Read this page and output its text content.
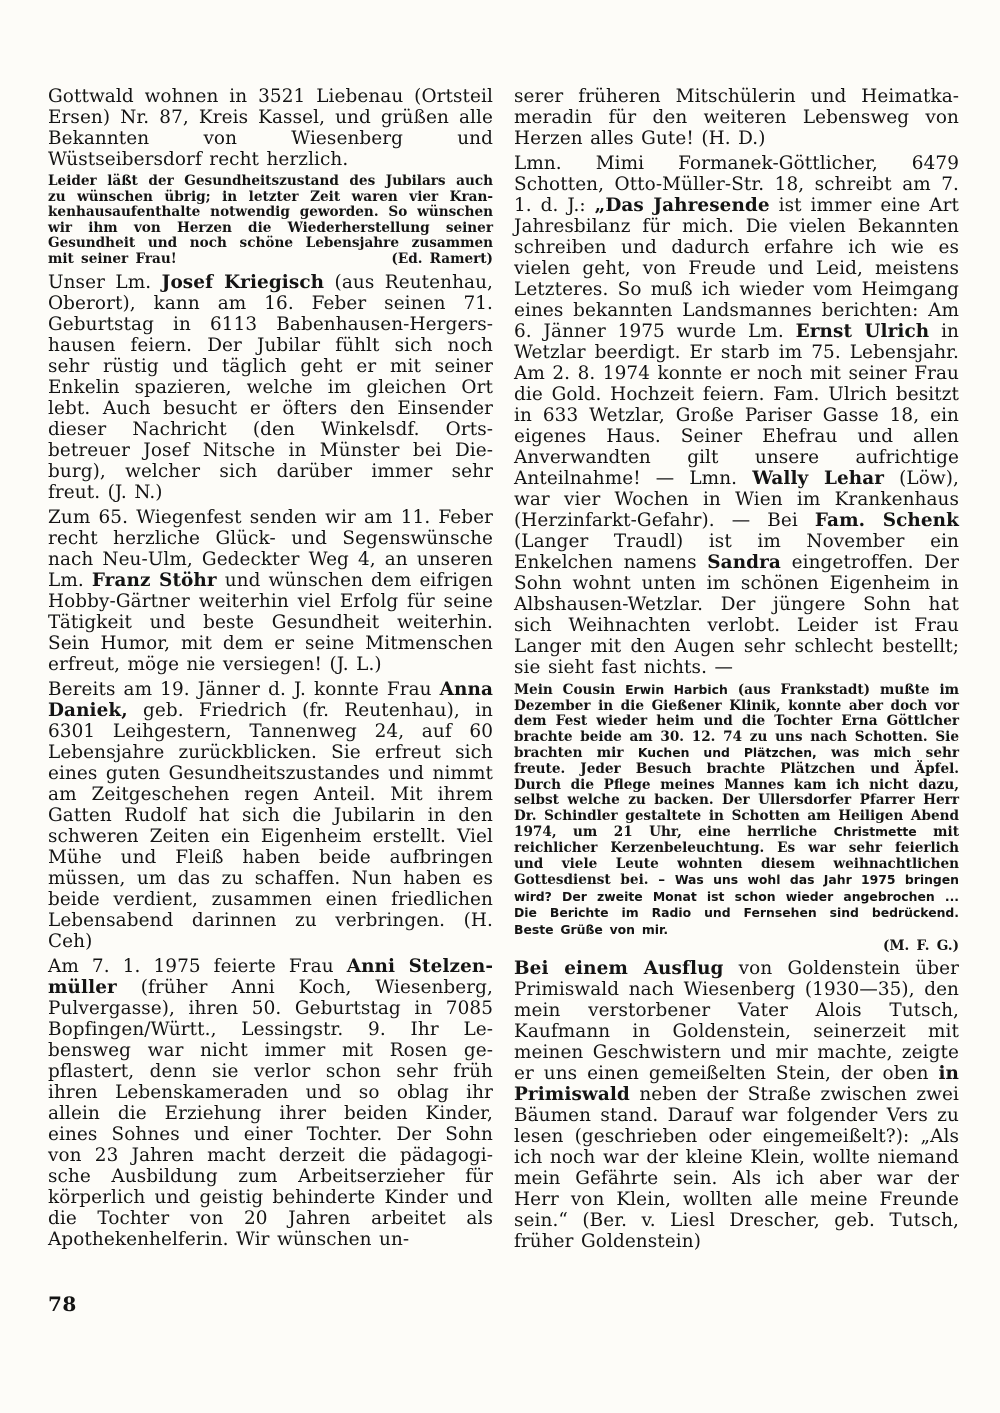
Gottwald wohnen in 3521 Liebenau (Ortsteil Ersen) Nr. 87, Kreis Kassel, und grüßen alle Bekannten von Wiesenberg und Wüstseibersdorf recht herzlich.

Leider läßt der Gesundheitszustand des Jubilars auch zu wünschen übrig; in letzter Zeit waren vier Krankenhausaufenthalte notwendig geworden. So wünschen wir ihm von Herzen die Wiederherstellung seiner Gesundheit und noch schöne Lebensjahre zusammen mit seiner Frau!	(Ed. Ramert)

Unser Lm. Josef Kriegisch (aus Reutenhau, Oberort), kann am 16. Feber seinen 71. Geburtstag in 6113 Babenhausen-Hergershausen feiern. Der Jubilar fühlt sich noch sehr rüstig und täglich geht er mit seiner Enkelin spazieren, welche im gleichen Ort lebt. Auch besucht er öfters den Einsender dieser Nachricht (den Winkelsdf. Ortsbetreuer Josef Nitsche in Münster bei Dieburg), welcher sich darüber immer sehr freut. (J. N.)

Zum 65. Wiegenfest senden wir am 11. Feber recht herzliche Glück- und Segenswünsche nach Neu-Ulm, Gedeckter Weg 4, an unseren Lm. Franz Stöhr und wünschen dem eifrigen Hobby-Gärtner weiterhin viel Erfolg für seine Tätigkeit und beste Gesundheit weiterhin. Sein Humor, mit dem er seine Mitmenschen erfreut, möge nie versiegen! (J. L.)

Bereits am 19. Jänner d. J. konnte Frau Anna Daniek, geb. Friedrich (fr. Reutenhau), in 6301 Leihgestern, Tannenweg 24, auf 60 Lebensjahre zurückblicken. Sie erfreut sich eines guten Gesundheitszustandes und nimmt am Zeitgeschehen regen Anteil. Mit ihrem Gatten Rudolf hat sich die Jubilarin in den schweren Zeiten ein Eigenheim erstellt. Viel Mühe und Fleiß haben beide aufbringen müssen, um das zu schaffen. Nun haben es beide verdient, zusammen einen friedlichen Lebensabend darinnen zu verbringen. (H. Ceh)

Am 7. 1. 1975 feierte Frau Anni Stelzenmüller (früher Anni Koch, Wiesenberg, Pulvergasse), ihren 50. Geburtstag in 7085 Bopfingen/Württ., Lessingstr. 9. Ihr Lebensweg war nicht immer mit Rosen gepflastert, denn sie verlor schon sehr früh ihren Lebenskameraden und so oblag ihr allein die Erziehung ihrer beiden Kinder, eines Sohnes und einer Tochter. Der Sohn von 23 Jahren macht derzeit die pädagogische Ausbildung zum Arbeitserzieher für körperlich und geistig behinderte Kinder und die Tochter von 20 Jahren arbeitet als Apothekenhelferin. Wir wünschen un-

serer früheren Mitschülerin und Heimatkameradin für den weiteren Lebensweg von Herzen alles Gute! (H. D.)

Lmn. Mimi Formanek-Göttlicher, 6479 Schotten, Otto-Müller-Str. 18, schreibt am 7. 1. d. J.: „Das Jahresende ist immer eine Art Jahresbilanz für mich. Die vielen Bekannten schreiben und dadurch erfahre ich wie es vielen geht, von Freude und Leid, meistens Letzteres. So muß ich wieder vom Heimgang eines bekannten Landsmannes berichten: Am 6. Jänner 1975 wurde Lm. Ernst Ulrich in Wetzlar beerdigt. Er starb im 75. Lebensjahr. Am 2. 8. 1974 konnte er noch mit seiner Frau die Gold. Hochzeit feiern. Fam. Ulrich besitzt in 633 Wetzlar, Große Pariser Gasse 18, ein eigenes Haus. Seiner Ehefrau und allen Anverwandten gilt unsere aufrichtige Anteilnahme! — Lmn. Wally Lehar (Löw), war vier Wochen in Wien im Krankenhaus (Herzinfarkt-Gefahr). — Bei Fam. Schenk (Langer Traudl) ist im November ein Enkelchen namens Sandra eingetroffen. Der Sohn wohnt unten im schönen Eigenheim in Albshausen-Wetzlar. Der jüngere Sohn hat sich Weihnachten verlobt. Leider ist Frau Langer mit den Augen sehr schlecht bestellt; sie sieht fast nichts. —

Mein Cousin Erwin Harbich (aus Frankstadt) mußte im Dezember in die Gießener Klinik, konnte aber doch vor dem Fest wieder heim und die Tochter Erna Göttlcher brachte beide am 30. 12. 74 zu uns nach Schotten. Sie brachten mir Kuchen und Plätzchen, was mich sehr freute. Jeder Besuch brachte Plätzchen und Äpfel. Durch die Pflege meines Mannes kam ich nicht dazu, selbst welche zu backen. Der Ullersdorfer Pfarrer Herr Dr. Schindler gestaltete in Schotten am Heiligen Abend 1974, um 21 Uhr, eine herrliche Christmette mit reichlicher Kerzenbeleuchtung. Es war sehr feierlich und viele Leute wohnten diesem weihnachtlichen Gottesdienst bei. – Was uns wohl das Jahr 1975 bringen wird? Der zweite Monat ist schon wieder angebrochen ... Die Berichte im Radio und Fernsehen sind bedrückend. Beste Grüße von mir.
(M. F. G.)

Bei einem Ausflug von Goldenstein über Primiswald nach Wiesenberg (1930—35), den mein verstorbener Vater Alois Tutsch, Kaufmann in Goldenstein, seinerzeit mit meinen Geschwistern und mir machte, zeigte er uns einen gemeißelten Stein, der oben in Primiswald neben der Straße zwischen zwei Bäumen stand. Darauf war folgender Vers zu lesen (geschrieben oder eingemeißelt?): „Als ich noch war der kleine Klein, wollte niemand mein Gefährte sein. Als ich aber war der Herr von Klein, wollten alle meine Freunde sein.“ (Ber. v. Liesl Drescher, geb. Tutsch, früher Goldenstein)

78
